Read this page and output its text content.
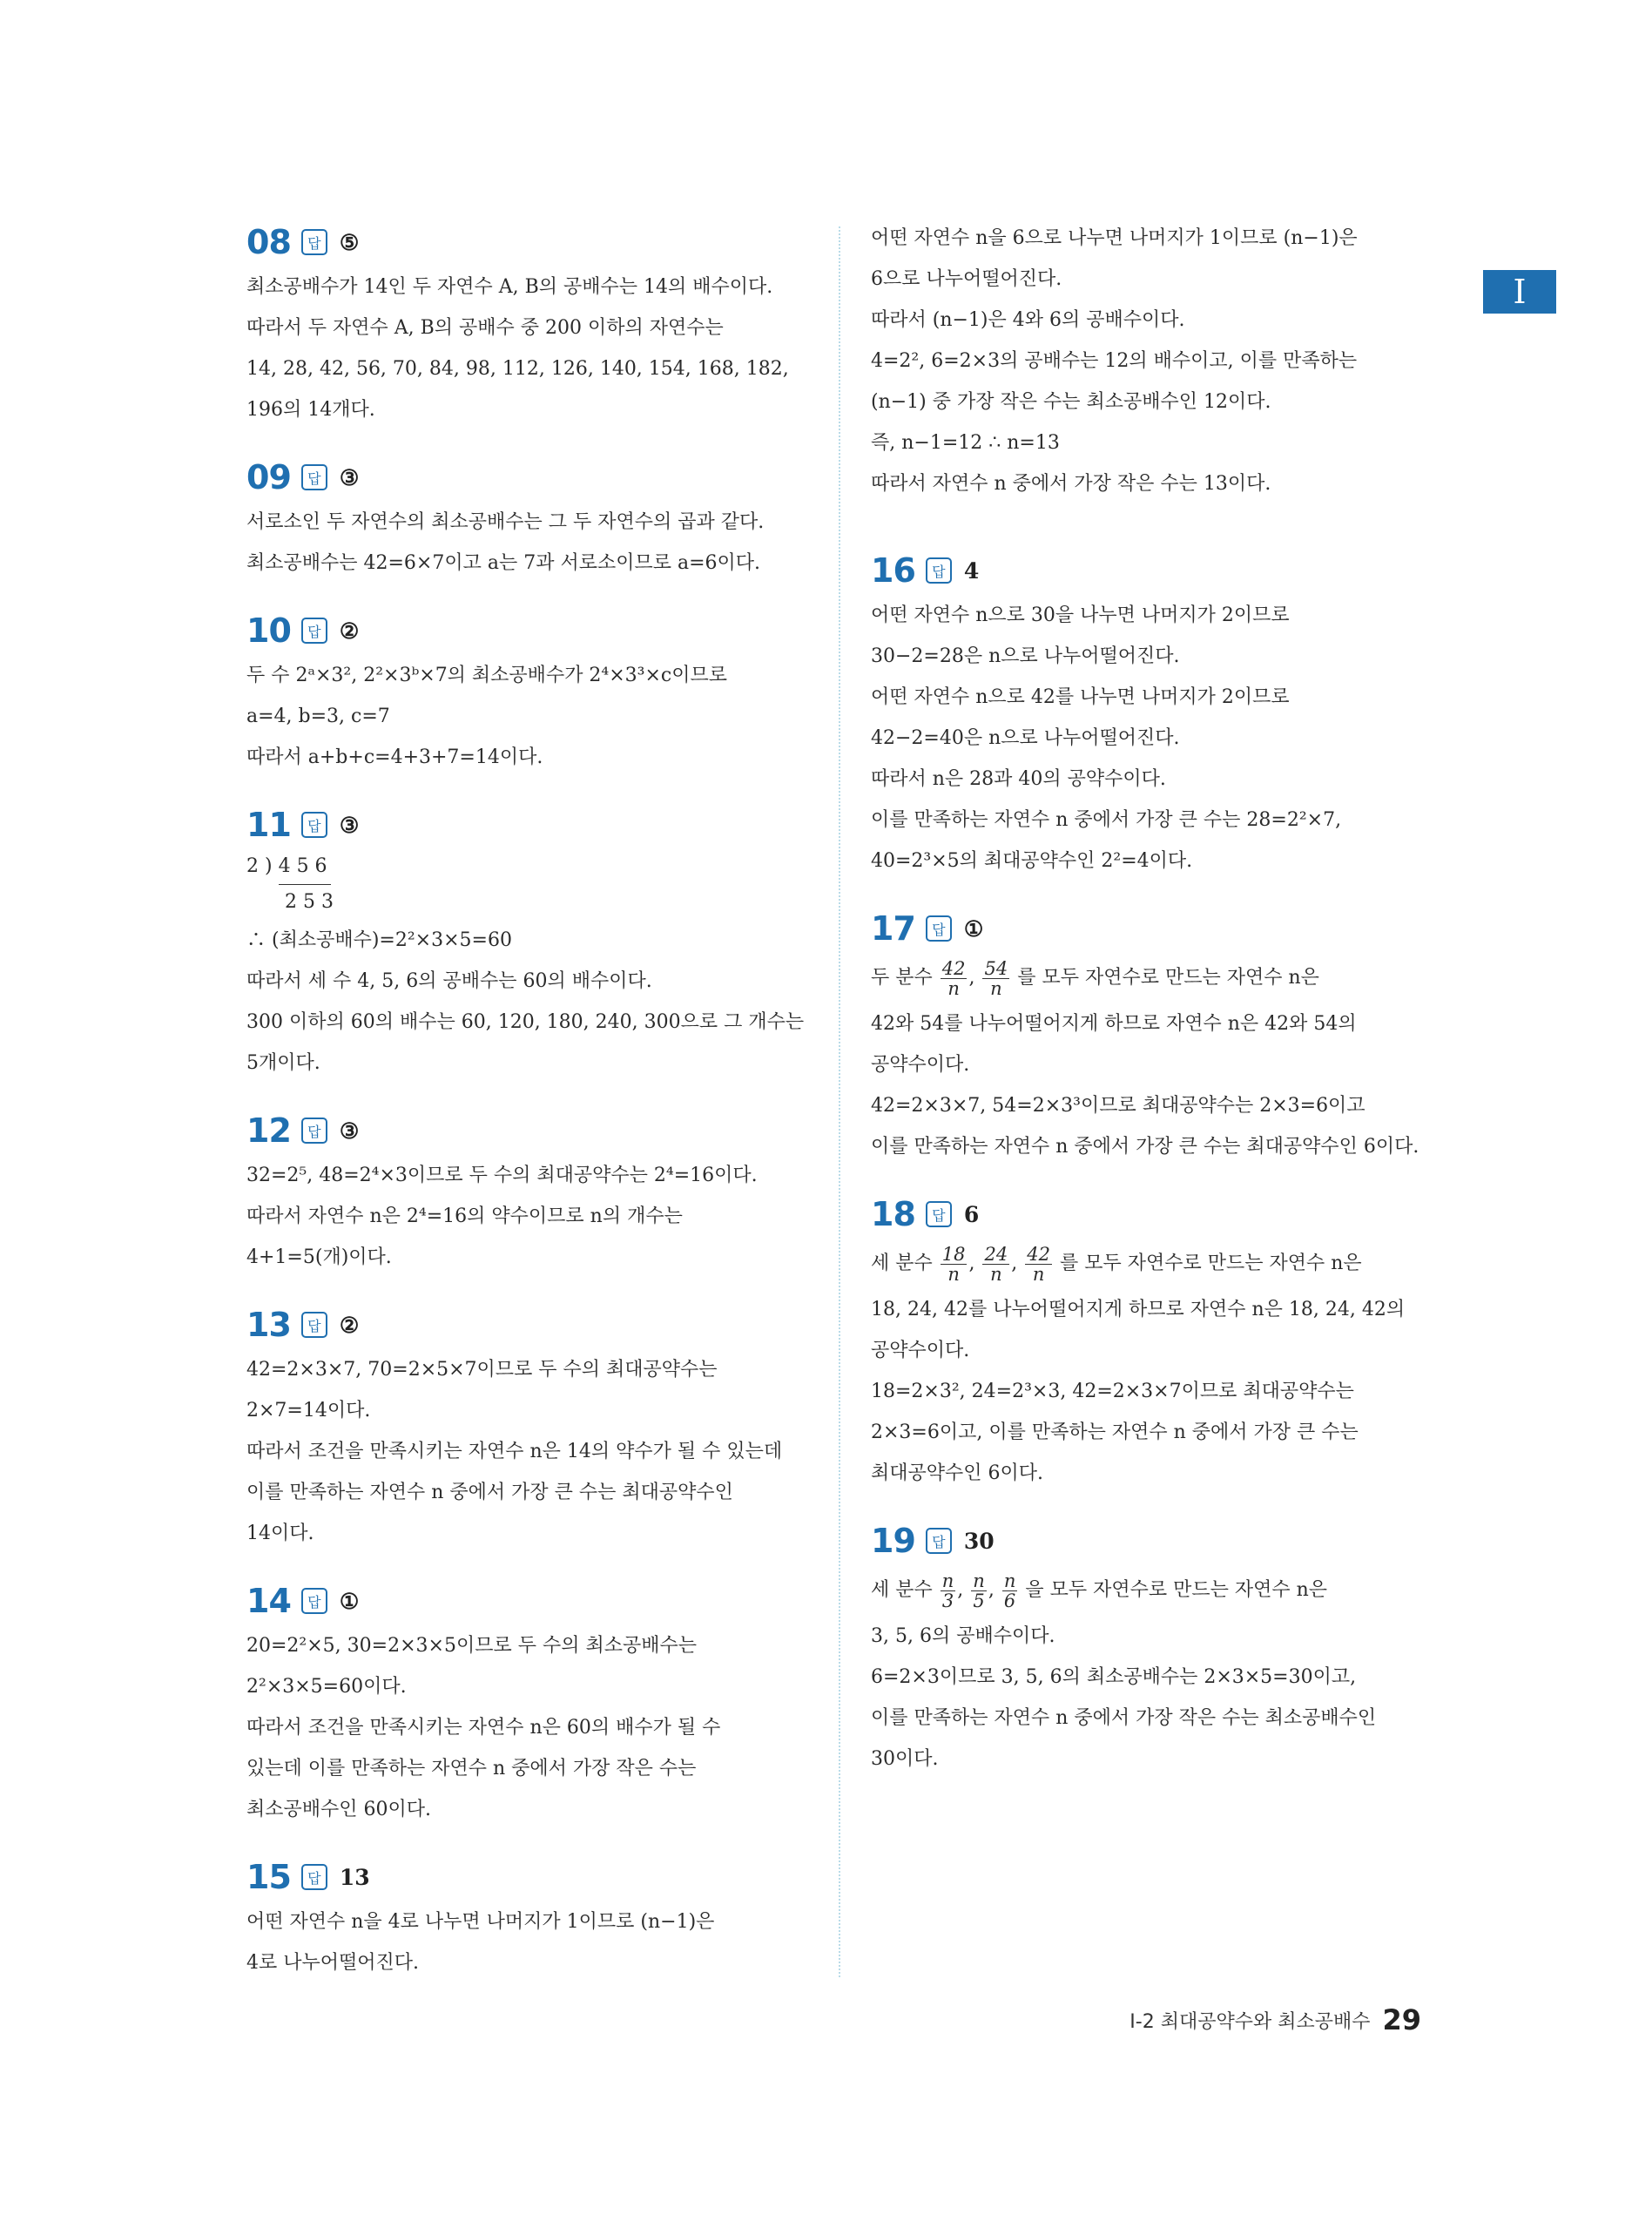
I
08	답 ⑤
최소공배수가 14인 두 자연수 A, B의 공배수는 14의 배수이다.
따라서 두 자연수 A, B의 공배수 중 200 이하의 자연수는
14, 28, 42, 56, 70, 84, 98, 112, 126, 140, 154, 168, 182,
196의 14개다.
09	답 ③
서로소인 두 자연수의 최소공배수는 그 두 자연수의 곱과 같다.
최소공배수는 42=6×7이고 a는 7과 서로소이므로 a=6이다.
10	답 ②
두 수 2ᵃ×3², 2²×3ᵇ×7의 최소공배수가 2⁴×3³×c이므로
a=4, b=3, c=7
따라서 a+b+c=4+3+7=14이다.
11	답 ③
2 ) 4 5 6
2 5 3
∴ (최소공배수)=2²×3×5=60
따라서 세 수 4, 5, 6의 공배수는 60의 배수이다.
300 이하의 60의 배수는 60, 120, 180, 240, 300으로 그 개수는
5개이다.
12	답 ③
32=2⁵, 48=2⁴×3이므로 두 수의 최대공약수는 2⁴=16이다.
따라서 자연수 n은 2⁴=16의 약수이므로 n의 개수는
4+1=5(개)이다.
13	답 ②
42=2×3×7, 70=2×5×7이므로 두 수의 최대공약수는
2×7=14이다.
따라서 조건을 만족시키는 자연수 n은 14의 약수가 될 수 있는데
이를 만족하는 자연수 n 중에서 가장 큰 수는 최대공약수인
14이다.
14	답 ①
20=2²×5, 30=2×3×5이므로 두 수의 최소공배수는
2²×3×5=60이다.
따라서 조건을 만족시키는 자연수 n은 60의 배수가 될 수
있는데 이를 만족하는 자연수 n 중에서 가장 작은 수는
최소공배수인 60이다.
15	답 13
어떤 자연수 n을 4로 나누면 나머지가 1이므로 (n−1)은
4로 나누어떨어진다.
어떤 자연수 n을 6으로 나누면 나머지가 1이므로 (n−1)은
6으로 나누어떨어진다.
따라서 (n−1)은 4와 6의 공배수이다.
4=2², 6=2×3의 공배수는 12의 배수이고, 이를 만족하는
(n−1) 중 가장 작은 수는 최소공배수인 12이다.
즉, n−1=12 ∴ n=13
따라서 자연수 n 중에서 가장 작은 수는 13이다.
16	답 4
어떤 자연수 n으로 30을 나누면 나머지가 2이므로
30−2=28은 n으로 나누어떨어진다.
어떤 자연수 n으로 42를 나누면 나머지가 2이므로
42−2=40은 n으로 나누어떨어진다.
따라서 n은 28과 40의 공약수이다.
이를 만족하는 자연수 n 중에서 가장 큰 수는 28=2²×7,
40=2³×5의 최대공약수인 2²=4이다.
17	답 ①
두 분수 $\frac{42}{n}$ , $\frac{54}{n}$ 를 모두 자연수로 만드는 자연수 n은
42와 54를 나누어떨어지게 하므로 자연수 n은 42와 54의
공약수이다.
42=2×3×7, 54=2×3³이므로 최대공약수는 2×3=6이고
이를 만족하는 자연수 n 중에서 가장 큰 수는 최대공약수인 6이다.
18	답 6
세 분수 $\frac{18}{n}$ , $\frac{24}{n}$ , $\frac{42}{n}$ 를 모두 자연수로 만드는 자연수 n은
18, 24, 42를 나누어떨어지게 하므로 자연수 n은 18, 24, 42의
공약수이다.
18=2×3², 24=2³×3, 42=2×3×7이므로 최대공약수는
2×3=6이고, 이를 만족하는 자연수 n 중에서 가장 큰 수는
최대공약수인 6이다.
19	답 30
세 분수 $\frac{n}{3}$ , $\frac{n}{5}$ , $\frac{n}{6}$ 을 모두 자연수로 만드는 자연수 n은
3, 5, 6의 공배수이다.
6=2×3이므로 3, 5, 6의 최소공배수는 2×3×5=30이고,
이를 만족하는 자연수 n 중에서 가장 작은 수는 최소공배수인
30이다.
Ⅰ-2 최대공약수와 최소공배수 29
